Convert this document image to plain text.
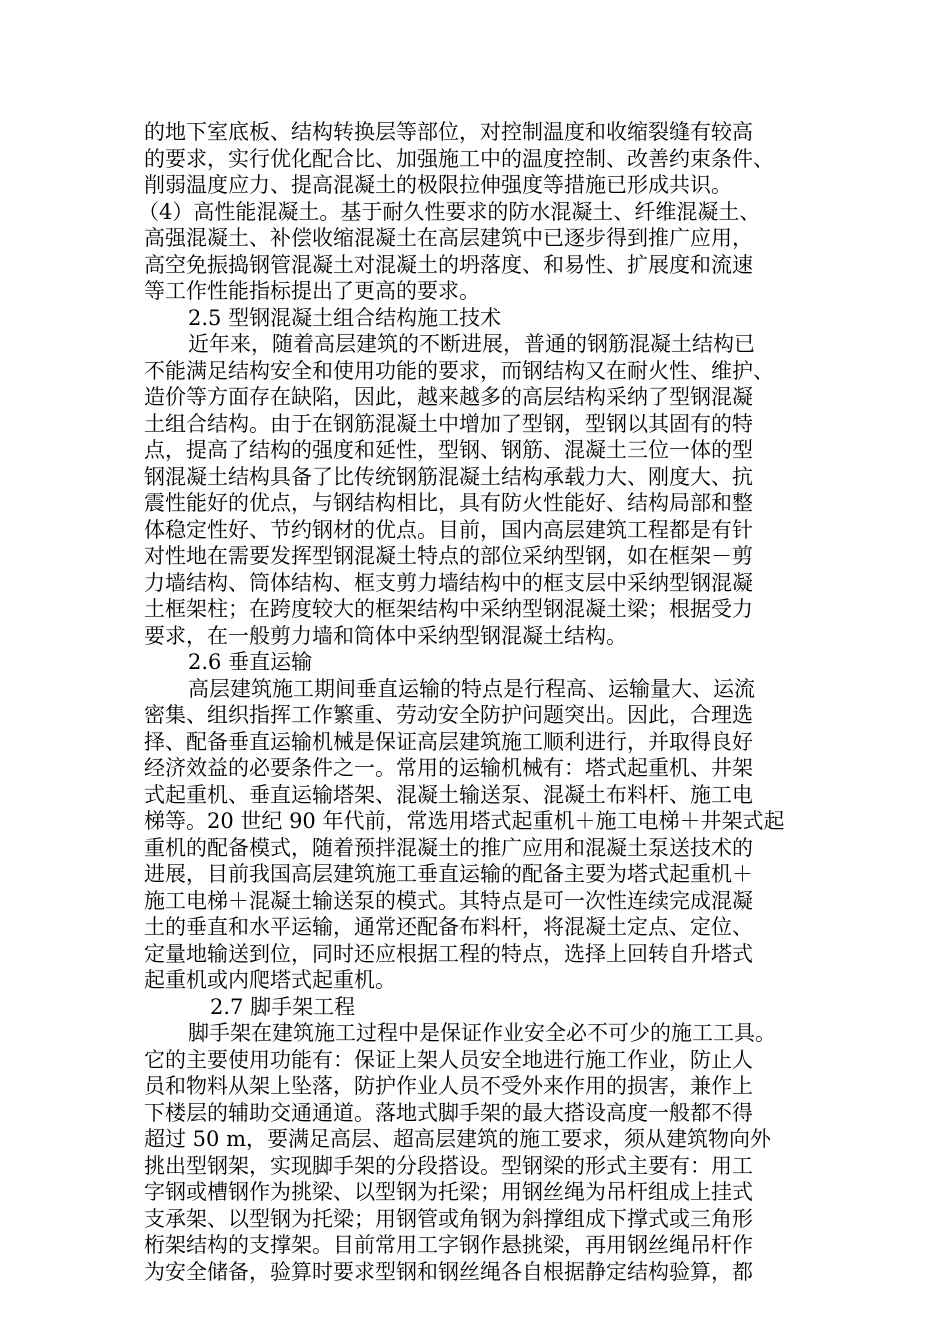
的地下室底板、结构转换层等部位，对控制温度和收缩裂缝有较高
的要求，实行优化配合比、加强施工中的温度控制、改善约束条件、
削弱温度应力、提高混凝土的极限拉伸强度等措施已形成共识。
（4）高性能混凝土。基于耐久性要求的防水混凝土、纤维混凝土、
高强混凝土、补偿收缩混凝土在高层建筑中已逐步得到推广应用，
高空免振捣钢管混凝土对混凝土的坍落度、和易性、扩展度和流速
等工作性能指标提出了更高的要求。
2.5 型钢混凝土组合结构施工技术
近年来，随着高层建筑的不断进展，普通的钢筋混凝土结构已
不能满足结构安全和使用功能的要求，而钢结构又在耐火性、维护、
造价等方面存在缺陷，因此，越来越多的高层结构采纳了型钢混凝
土组合结构。由于在钢筋混凝土中增加了型钢，型钢以其固有的特
点，提高了结构的强度和延性，型钢、钢筋、混凝土三位一体的型
钢混凝土结构具备了比传统钢筋混凝土结构承载力大、刚度大、抗
震性能好的优点，与钢结构相比，具有防火性能好、结构局部和整
体稳定性好、节约钢材的优点。目前，国内高层建筑工程都是有针
对性地在需要发挥型钢混凝土特点的部位采纳型钢，如在框架－剪
力墙结构、筒体结构、框支剪力墙结构中的框支层中采纳型钢混凝
土框架柱；在跨度较大的框架结构中采纳型钢混凝土梁；根据受力
要求，在一般剪力墙和筒体中采纳型钢混凝土结构。
2.6 垂直运输
高层建筑施工期间垂直运输的特点是行程高、运输量大、运流
密集、组织指挥工作繁重、劳动安全防护问题突出。因此，合理选
择、配备垂直运输机械是保证高层建筑施工顺利进行，并取得良好
经济效益的必要条件之一。常用的运输机械有：塔式起重机、井架
式起重机、垂直运输塔架、混凝土输送泵、混凝土布料杆、施工电
梯等。20 世纪 90 年代前，常选用塔式起重机＋施工电梯＋井架式起
重机的配备模式，随着预拌混凝土的推广应用和混凝土泵送技术的
进展，目前我国高层建筑施工垂直运输的配备主要为塔式起重机＋
施工电梯＋混凝土输送泵的模式。其特点是可一次性连续完成混凝
土的垂直和水平运输，通常还配备布料杆，将混凝土定点、定位、
定量地输送到位，同时还应根据工程的特点，选择上回转自升塔式
起重机或内爬塔式起重机。
2.7 脚手架工程
脚手架在建筑施工过程中是保证作业安全必不可少的施工工具。
它的主要使用功能有：保证上架人员安全地进行施工作业，防止人
员和物料从架上坠落，防护作业人员不受外来作用的损害，兼作上
下楼层的辅助交通通道。落地式脚手架的最大搭设高度一般都不得
超过 50 m，要满足高层、超高层建筑的施工要求，须从建筑物向外
挑出型钢架，实现脚手架的分段搭设。型钢梁的形式主要有：用工
字钢或槽钢作为挑梁、以型钢为托梁；用钢丝绳为吊杆组成上挂式
支承架、以型钢为托梁；用钢管或角钢为斜撑组成下撑式或三角形
桁架结构的支撑架。目前常用工字钢作悬挑梁，再用钢丝绳吊杆作
为安全储备，验算时要求型钢和钢丝绳各自根据静定结构验算，都
